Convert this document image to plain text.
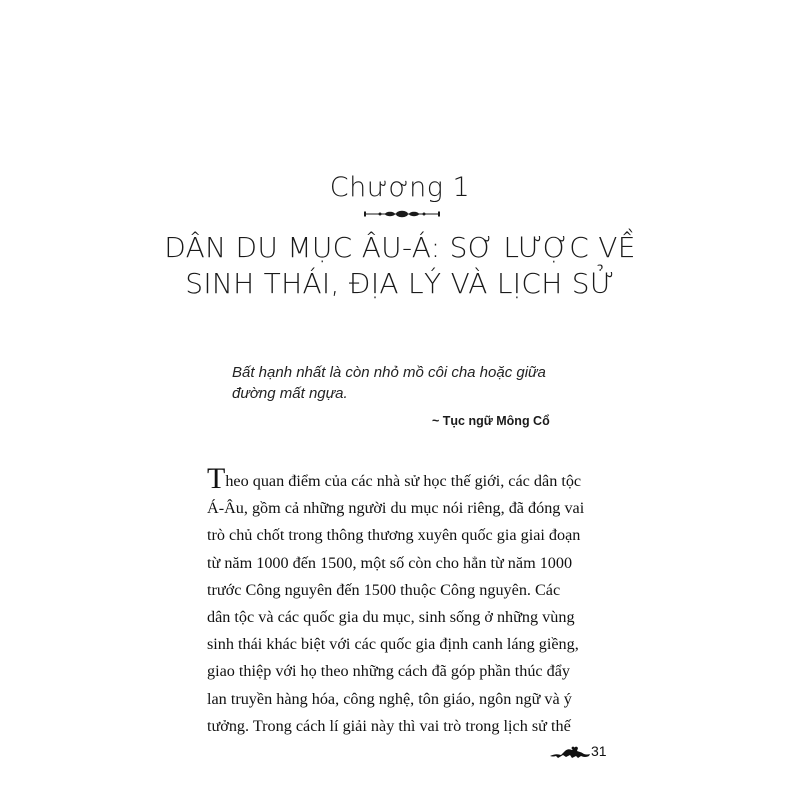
Chương 1
DÂN DU MỤC ÂU-Á: SƠ LƯỢC VỀ
SINH THÁI, ĐỊA LÝ VÀ LỊCH SỬ
Bất hạnh nhất là còn nhỏ mồ côi cha hoặc giữa
đường mất ngựa.
~ Tục ngữ Mông Cổ
Theo quan điểm của các nhà sử học thế giới, các dân tộc
Á-Âu, gồm cả những người du mục nói riêng, đã đóng vai
trò chủ chốt trong thông thương xuyên quốc gia giai đoạn
từ năm 1000 đến 1500, một số còn cho hẳn từ năm 1000
trước Công nguyên đến 1500 thuộc Công nguyên. Các
dân tộc và các quốc gia du mục, sinh sống ở những vùng
sinh thái khác biệt với các quốc gia định canh láng giềng,
giao thiệp với họ theo những cách đã góp phần thúc đẩy
lan truyền hàng hóa, công nghệ, tôn giáo, ngôn ngữ và ý
tưởng. Trong cách lí giải này thì vai trò trong lịch sử thế
31
